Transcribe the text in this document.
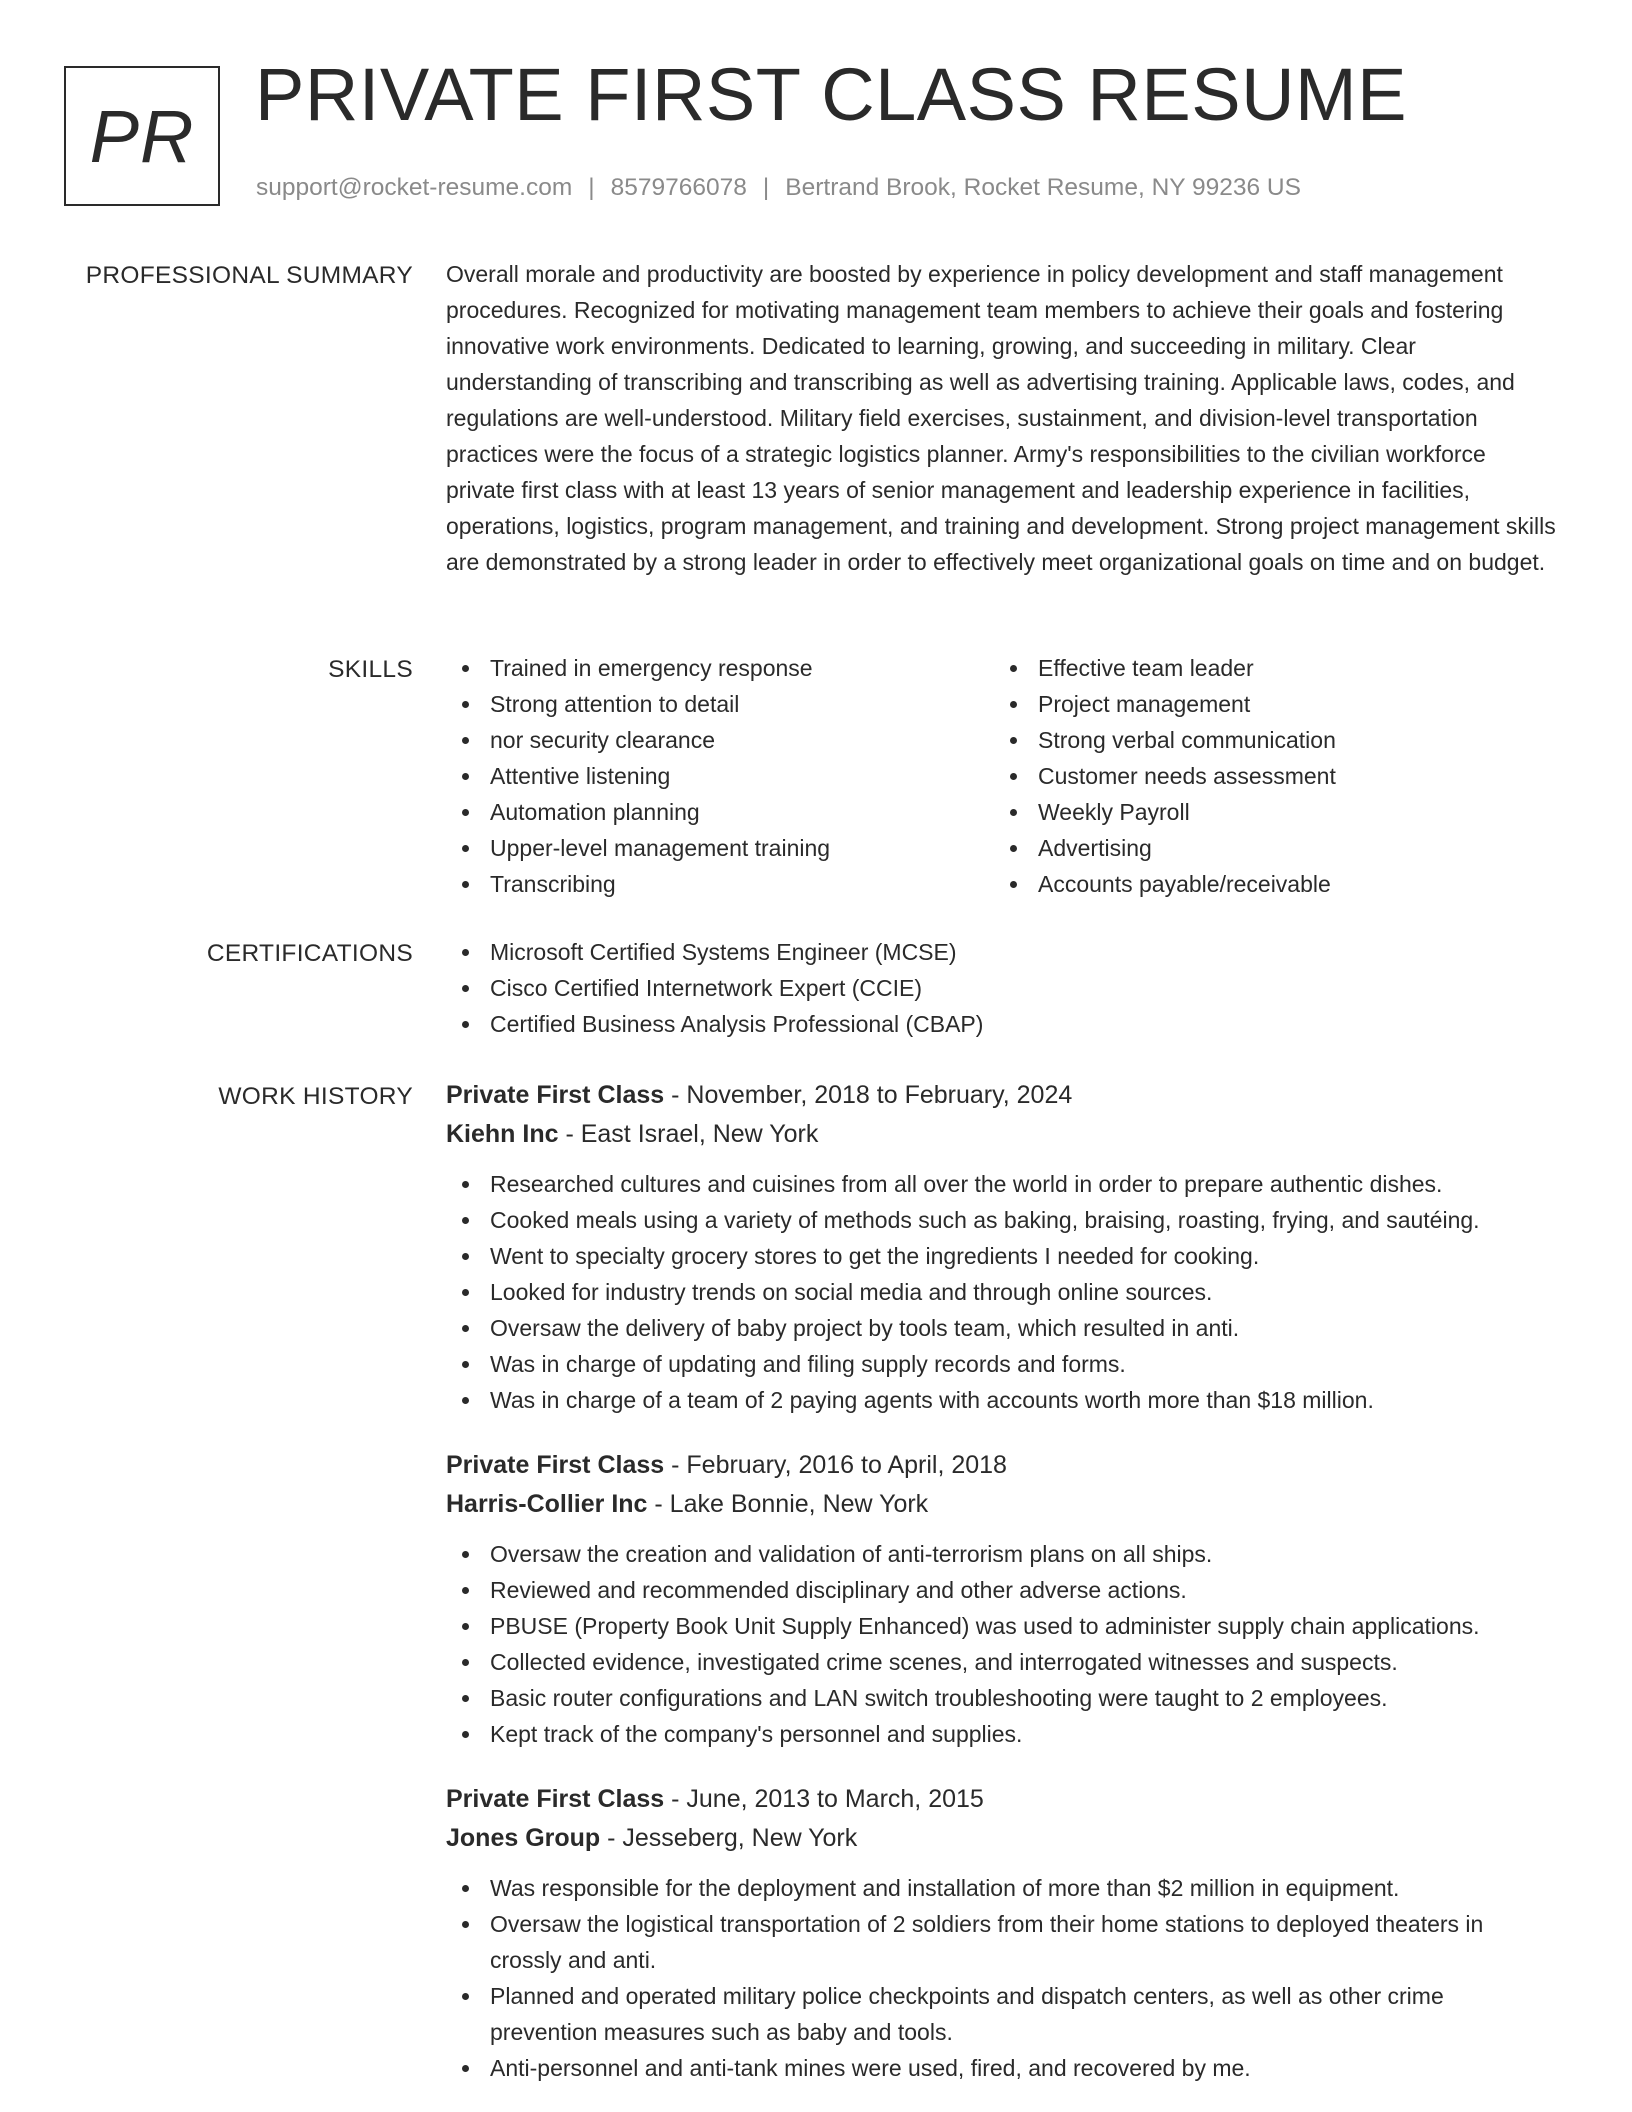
PR PRIVATE FIRST CLASS RESUME
support@rocket-resume.com | 8579766078 | Bertrand Brook, Rocket Resume, NY 99236 US
PROFESSIONAL SUMMARY Overall morale and productivity are boosted by experience in policy development and staff management procedures. Recognized for motivating management team members to achieve their goals and fostering innovative work environments. Dedicated to learning, growing, and succeeding in military. Clear understanding of transcribing and transcribing as well as advertising training. Applicable laws, codes, and regulations are well-understood. Military field exercises, sustainment, and division-level transportation practices were the focus of a strategic logistics planner. Army's responsibilities to the civilian workforce private first class with at least 13 years of senior management and leadership experience in facilities, operations, logistics, program management, and training and development. Strong project management skills are demonstrated by a strong leader in order to effectively meet organizational goals on time and on budget.

SKILLS	Trained in emergency response
Strong attention to detail
nor security clearance
Attentive listening
Automation planning
Upper-level management training
Transcribing
Effective team leader
Project management
Strong verbal communication
Customer needs assessment
Weekly Payroll
Advertising
Accounts payable/receivable
CERTIFICATIONS	Microsoft Certified Systems Engineer (MCSE)
Cisco Certified Internetwork Expert (CCIE)
Certified Business Analysis Professional (CBAP)
WORK HISTORY Private First Class - November, 2018 to February, 2024
Kiehn Inc - East Israel, New York
Researched cultures and cuisines from all over the world in order to prepare authentic dishes.
Cooked meals using a variety of methods such as baking, braising, roasting, frying, and sautéing.
Went to specialty grocery stores to get the ingredients I needed for cooking.
Looked for industry trends on social media and through online sources.
Oversaw the delivery of baby project by tools team, which resulted in anti.
Was in charge of updating and filing supply records and forms.
Was in charge of a team of 2 paying agents with accounts worth more than $18 million.
Private First Class - February, 2016 to April, 2018
Harris-Collier Inc - Lake Bonnie, New York
Oversaw the creation and validation of anti-terrorism plans on all ships.
Reviewed and recommended disciplinary and other adverse actions.
PBUSE (Property Book Unit Supply Enhanced) was used to administer supply chain applications.
Collected evidence, investigated crime scenes, and interrogated witnesses and suspects.
Basic router configurations and LAN switch troubleshooting were taught to 2 employees.
Kept track of the company's personnel and supplies.
Private First Class - June, 2013 to March, 2015
Jones Group - Jesseberg, New York
Was responsible for the deployment and installation of more than $2 million in equipment.
Oversaw the logistical transportation of 2 soldiers from their home stations to deployed theaters in crossly and anti.
Planned and operated military police checkpoints and dispatch centers, as well as other crime prevention measures such as baby and tools.
Anti-personnel and anti-tank mines were used, fired, and recovered by me.
